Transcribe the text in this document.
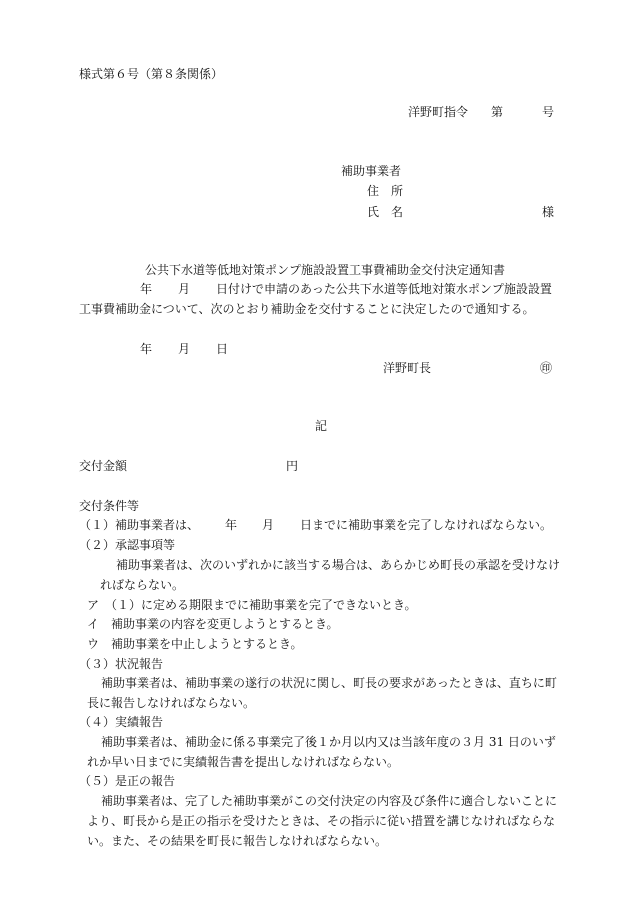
様式第６号（第８条関係）
洋野町指令 第	号
補助事業者
住　所
氏　名	様
公共下水道等低地対策ポンプ施設設置工事費補助金交付決定通知書
年 月 日付けで申請のあった公共下水道等低地対策水ポンプ施設設置
工事費補助金について、次のとおり補助金を交付することに決定したので通知する。
年 月 日
洋野町長	㊞
記
交付金額	円
交付条件等
（１）補助事業者は、 年 月 日までに補助事業を完了しなければならない。
（２）承認事項等
補助事業者は、次のいずれかに該当する場合は、あらかじめ町長の承認を受けなけ
ればならない。
ア　（１）に定める期限までに補助事業を完了できないとき。
イ　補助事業の内容を変更しようとするとき。
ウ　補助事業を中止しようとするとき。
（３）状況報告
補助事業者は、補助事業の遂行の状況に関し、町長の要求があったときは、直ちに町
長に報告しなければならない。
（４）実績報告
補助事業者は、補助金に係る事業完了後１か月以内又は当該年度の３月 31 日のいず
れか早い日までに実績報告書を提出しなければならない。
（５）是正の報告
補助事業者は、完了した補助事業がこの交付決定の内容及び条件に適合しないことに
より、町長から是正の指示を受けたときは、その指示に従い措置を講じなければならな
い。また、その結果を町長に報告しなければならない。
